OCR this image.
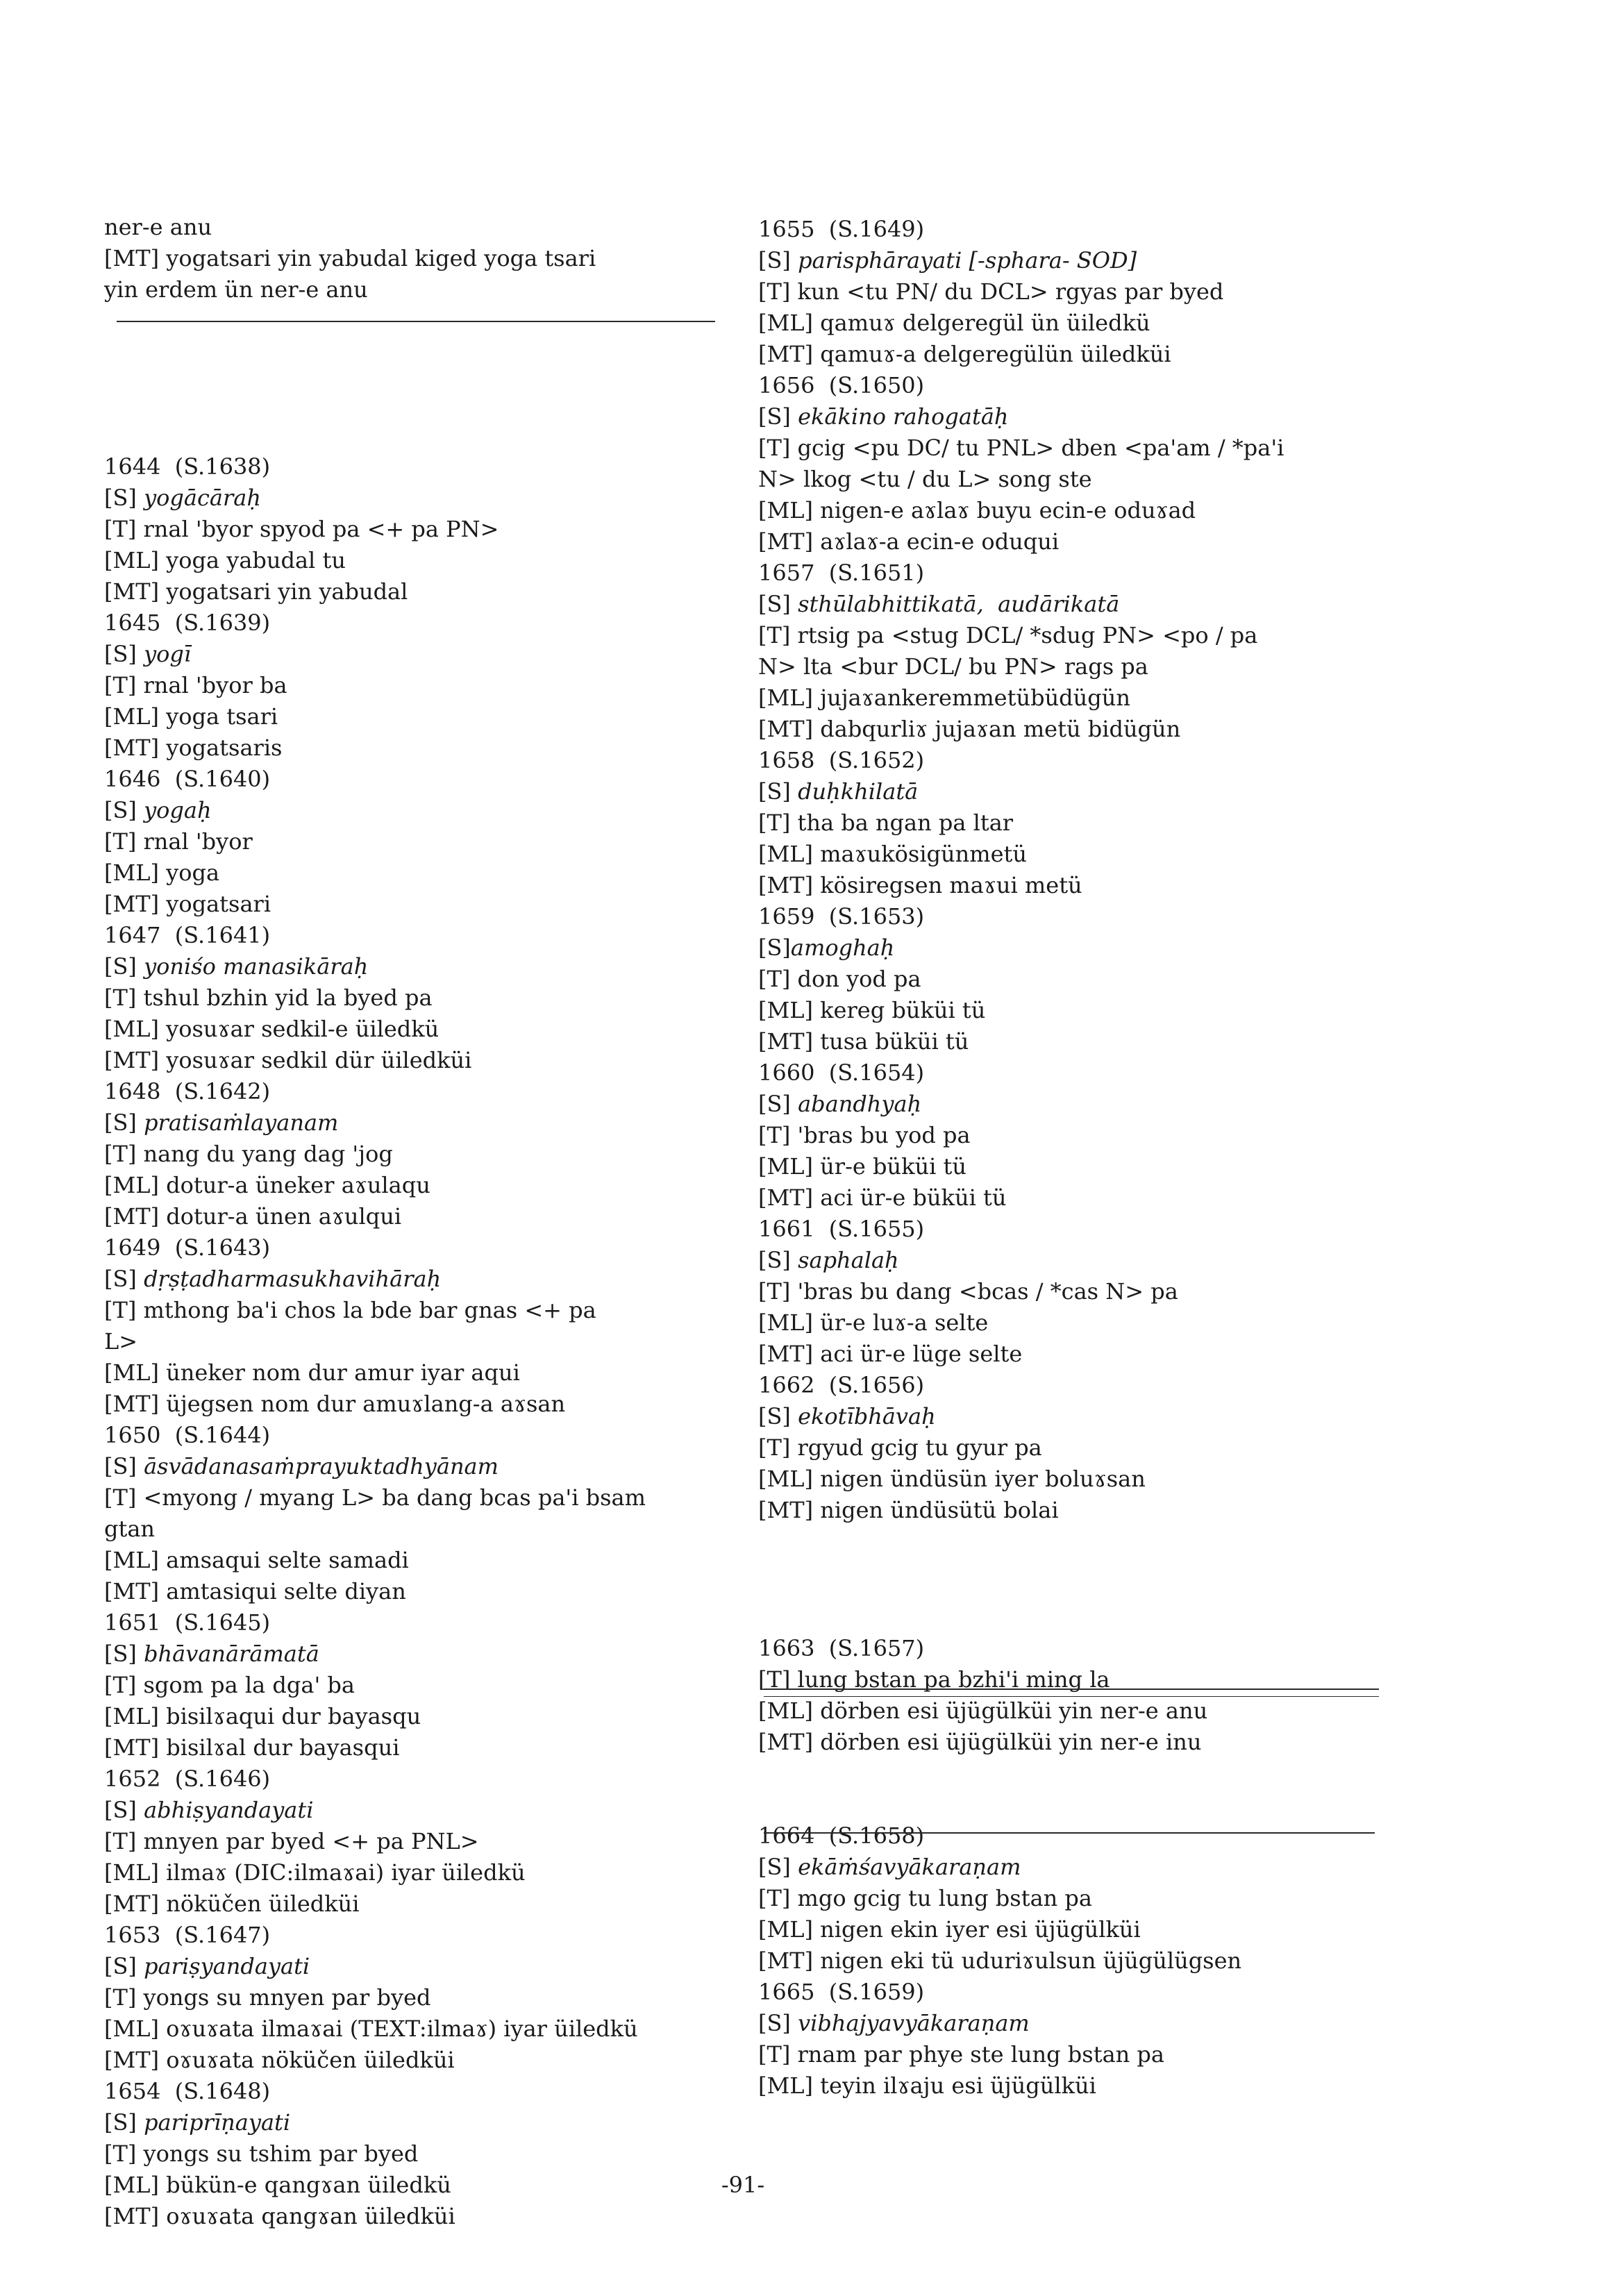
ner-e anu
[MT] yogatsari yin yabudal kiged yoga tsari
yin erdem ün ner-e anu
1644  (S.1638)
[S] yogācāraḥ
[T] rnal 'byor spyod pa <+ pa PN>
[ML] yoga yabudal tu
[MT] yogatsari yin yabudal
1645  (S.1639)
[S] yogī
[T] rnal 'byor ba
[ML] yoga tsari
[MT] yogatsaris
1646  (S.1640)
[S] yogaḥ
[T] rnal 'byor
[ML] yoga
[MT] yogatsari
1647  (S.1641)
[S] yoniśo manasikāraḥ
[T] tshul bzhin yid la byed pa
[ML] yosuɤar sedkil-e üiledkü
[MT] yosuɤar sedkil dür üiledküi
1648  (S.1642)
[S] pratisaṁlayanam
[T] nang du yang dag 'jog
[ML] dotur-a üneker aɤulaqu
[MT] dotur-a ünen aɤulqui
1649  (S.1643)
[S] dṛṣṭadharmasukhavihāraḥ
[T] mthong ba'i chos la bde bar gnas <+ pa
L>
[ML] üneker nom dur amur iyar aqui
[MT] üjegsen nom dur amuɤlang-a aɤsan
1650  (S.1644)
[S] āsvādanasaṁprayuktadhyānam
[T] <myong / myang L> ba dang bcas pa'i bsam
gtan
[ML] amsaqui selte samadi
[MT] amtasiqui selte diyan
1651  (S.1645)
[S] bhāvanārāmatā
[T] sgom pa la dga' ba
[ML] bisilɤaqui dur bayasqu
[MT] bisilɤal dur bayasqui
1652  (S.1646)
[S] abhiṣyandayati
[T] mnyen par byed <+ pa PNL>
[ML] ilmaɤ (DIC:ilmaɤai) iyar üiledkü
[MT] nöküčen üiledküi
1653  (S.1647)
[S] pariṣyandayati
[T] yongs su mnyen par byed
[ML] oɤuɤata ilmaɤai (TEXT:ilmaɤ) iyar üiledkü
[MT] oɤuɤata nöküčen üiledküi
1654  (S.1648)
[S] pariprīṇayati
[T] yongs su tshim par byed
[ML] bükün-e qangɤan üiledkü
[MT] oɤuɤata qangɤan üiledküi
1655  (S.1649)
[S] parisphārayati [-sphara- SOD]
[T] kun <tu PN/ du DCL> rgyas par byed
[ML] qamuɤ delgeregül ün üiledkü
[MT] qamuɤ-a delgeregülün üiledküi
1656  (S.1650)
[S] ekākino rahogatāḥ
[T] gcig <pu DC/ tu PNL> dben <pa'am / *pa'i
N> lkog <tu / du L> song ste
[ML] nigen-e aɤlaɤ buyu ecin-e oduɤad
[MT] aɤlaɤ-a ecin-e oduqui
1657  (S.1651)
[S] sthūlabhittikatā,  audārikatā
[T] rtsig pa <stug DCL/ *sdug PN> <po / pa
N> lta <bur DCL/ bu PN> rags pa
[ML] jujaɤankeremmetübüdügün
[MT] dabqurliɤ jujaɤan metü bidügün
1658  (S.1652)
[S] duḥkhilatā
[T] tha ba ngan pa ltar
[ML] maɤukösigünmetü
[MT] kösiregsen maɤui metü
1659  (S.1653)
[S]amoghaḥ
[T] don yod pa
[ML] kereg büküi tü
[MT] tusa büküi tü
1660  (S.1654)
[S] abandhyaḥ
[T] 'bras bu yod pa
[ML] ür-e büküi tü
[MT] aci ür-e büküi tü
1661  (S.1655)
[S] saphalaḥ
[T] 'bras bu dang <bcas / *cas N> pa
[ML] ür-e luɤ-a selte
[MT] aci ür-e lüge selte
1662  (S.1656)
[S] ekotībhāvaḥ
[T] rgyud gcig tu gyur pa
[ML] nigen ündüsün iyer boluɤsan
[MT] nigen ündüsütü bolai
1663  (S.1657)
[T] lung bstan pa bzhi'i ming la
[ML] dörben esi üjügülküi yin ner-e anu
[MT] dörben esi üjügülküi yin ner-e inu
1664  (S.1658)
[S] ekāṁśavyākaraṇam
[T] mgo gcig tu lung bstan pa
[ML] nigen ekin iyer esi üjügülküi
[MT] nigen eki tü uduriɤulsun üjügülügsen
1665  (S.1659)
[S] vibhajyavyākaraṇam
[T] rnam par phye ste lung bstan pa
[ML] teyin ilɤaju esi üjügülküi
-91-
